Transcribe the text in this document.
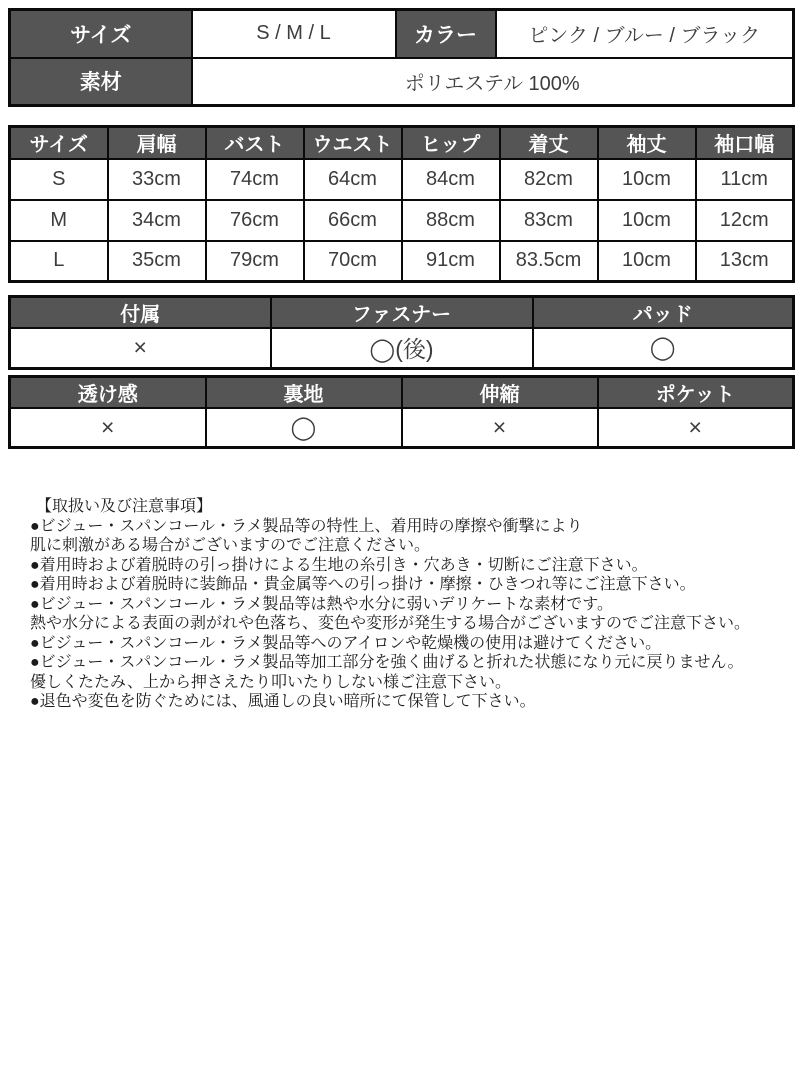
サイズ	S / M / L	カラー	ピンク / ブルー / ブラック
素材	ポリエステル 100%		
サイズ	肩幅	バスト	ウエスト	ヒップ	着丈	袖丈	袖口幅
S	33cm	74cm	64cm	84cm	82cm	10cm	11cm
M	34cm	76cm	66cm	88cm	83cm	10cm	12cm
L	35cm	79cm	70cm	91cm	83.5cm	10cm	13cm
付属	ファスナー	パッド
×	◯(後)	◯
透け感	裏地	伸縮	ポケット
×	◯	×	×
【取扱い及び注意事項】
●ビジュー・スパンコール・ラメ製品等の特性上、着用時の摩擦や衝撃により
肌に刺激がある場合がございますのでご注意ください。
●着用時および着脱時の引っ掛けによる生地の糸引き・穴あき・切断にご注意下さい。
●着用時および着脱時に装飾品・貴金属等への引っ掛け・摩擦・ひきつれ等にご注意下さい。
●ビジュー・スパンコール・ラメ製品等は熱や水分に弱いデリケートな素材です。
熱や水分による表面の剥がれや色落ち、変色や変形が発生する場合がございますのでご注意下さい。
●ビジュー・スパンコール・ラメ製品等へのアイロンや乾燥機の使用は避けてください。
●ビジュー・スパンコール・ラメ製品等加工部分を強く曲げると折れた状態になり元に戻りません。
優しくたたみ、上から押さえたり叩いたりしない様ご注意下さい。
●退色や変色を防ぐためには、風通しの良い暗所にて保管して下さい。
